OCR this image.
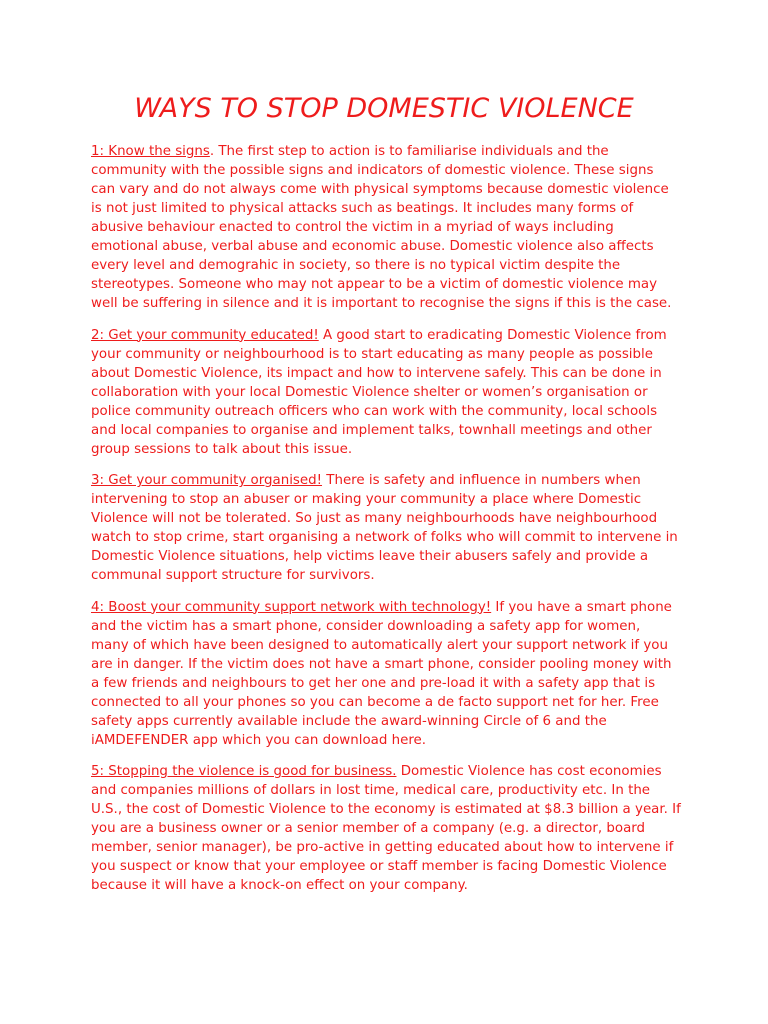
WAYS TO STOP DOMESTIC VIOLENCE

1: Know the signs. The first step to action is to familiarise individuals and the community with the possible signs and indicators of domestic violence. These signs can vary and do not always come with physical symptoms because domestic violence is not just limited to physical attacks such as beatings. It includes many forms of abusive behaviour enacted to control the victim in a myriad of ways including emotional abuse, verbal abuse and economic abuse. Domestic violence also affects every level and demograhic in society, so there is no typical victim despite the stereotypes. Someone who may not appear to be a victim of domestic violence may well be suffering in silence and it is important to recognise the signs if this is the case.

2: Get your community educated! A good start to eradicating Domestic Violence from your community or neighbourhood is to start educating as many people as possible about Domestic Violence, its impact and how to intervene safely. This can be done in collaboration with your local Domestic Violence shelter or women’s organisation or police community outreach officers who can work with the community, local schools and local companies to organise and implement talks, townhall meetings and other group sessions to talk about this issue.

3: Get your community organised! There is safety and influence in numbers when intervening to stop an abuser or making your community a place where Domestic Violence will not be tolerated. So just as many neighbourhoods have neighbourhood watch to stop crime, start organising a network of folks who will commit to intervene in Domestic Violence situations, help victims leave their abusers safely and provide a communal support structure for survivors.

4: Boost your community support network with technology! If you have a smart phone and the victim has a smart phone, consider downloading a safety app for women, many of which have been designed to automatically alert your support network if you are in danger. If the victim does not have a smart phone, consider pooling money with a few friends and neighbours to get her one and pre-load it with a safety app that is connected to all your phones so you can become a de facto support net for her. Free safety apps currently available include the award-winning Circle of 6 and the iAMDEFENDER app which you can download here.

5: Stopping the violence is good for business. Domestic Violence has cost economies and companies millions of dollars in lost time, medical care, productivity etc. In the U.S., the cost of Domestic Violence to the economy is estimated at $8.3 billion a year. If you are a business owner or a senior member of a company (e.g. a director, board member, senior manager), be pro-active in getting educated about how to intervene if you suspect or know that your employee or staff member is facing Domestic Violence because it will have a knock-on effect on your company.
